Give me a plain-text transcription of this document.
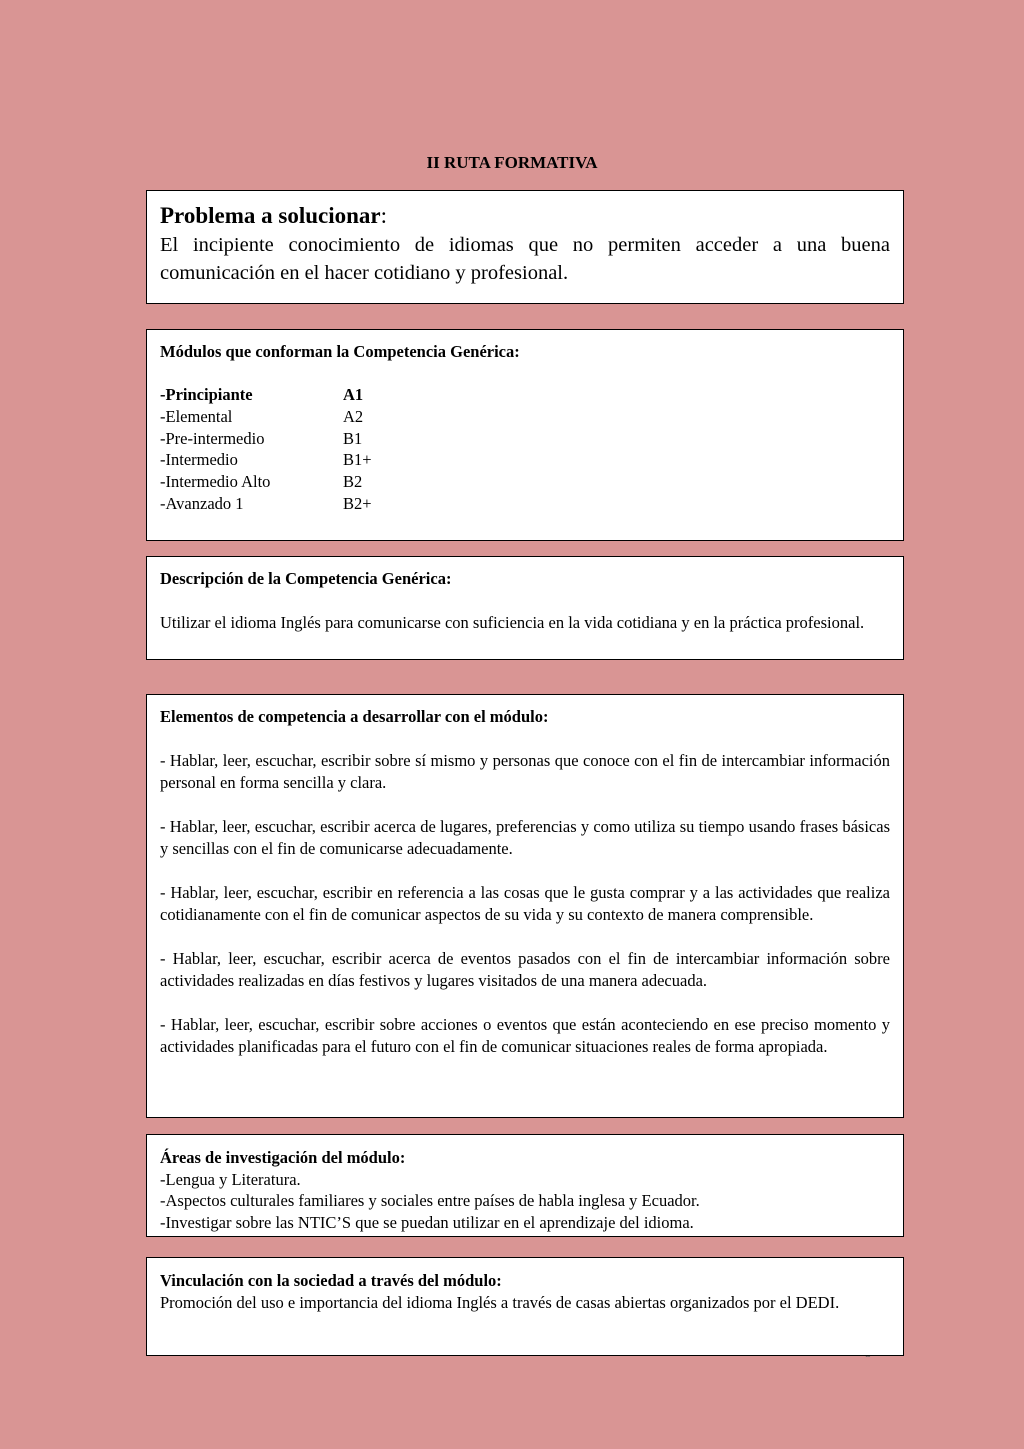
II RUTA FORMATIVA
Problema a solucionar:
El incipiente conocimiento de idiomas que no permiten acceder a una buena comunicación en el hacer cotidiano y profesional.
Módulos que conforman la Competencia Genérica:
-Principiante	A1
-Elemental	A2
-Pre-intermedio	B1
-Intermedio	B1+
-Intermedio Alto	B2
-Avanzado 1	B2+
Descripción de la Competencia Genérica:
Utilizar el idioma Inglés para comunicarse con suficiencia en la vida cotidiana y en la práctica profesional.
Elementos de competencia a desarrollar con el módulo:
- Hablar, leer, escuchar, escribir sobre sí mismo y personas que conoce con el fin de intercambiar información personal en forma sencilla y clara.
- Hablar, leer, escuchar, escribir acerca de lugares, preferencias y como utiliza su tiempo usando frases básicas y sencillas con el fin de comunicarse adecuadamente.
- Hablar, leer, escuchar, escribir en referencia a las cosas que le gusta comprar y a las actividades que realiza cotidianamente con el fin de comunicar aspectos de su vida y su contexto de manera comprensible.
- Hablar, leer, escuchar, escribir acerca de eventos pasados con el fin de intercambiar información sobre actividades realizadas en días festivos y lugares visitados de una manera adecuada.
- Hablar, leer, escuchar, escribir sobre acciones o eventos que están aconteciendo en ese preciso momento y actividades planificadas para el futuro con el fin de comunicar situaciones reales de forma apropiada.
Áreas de investigación del módulo:
-Lengua y Literatura.
-Aspectos culturales familiares y sociales entre países de habla inglesa y Ecuador.
-Investigar sobre las NTIC’S que se puedan utilizar en el aprendizaje del idioma.
Vinculación con la sociedad a través del módulo:
Promoción del uso e importancia del idioma Inglés a través de casas abiertas organizados por el DEDI.
